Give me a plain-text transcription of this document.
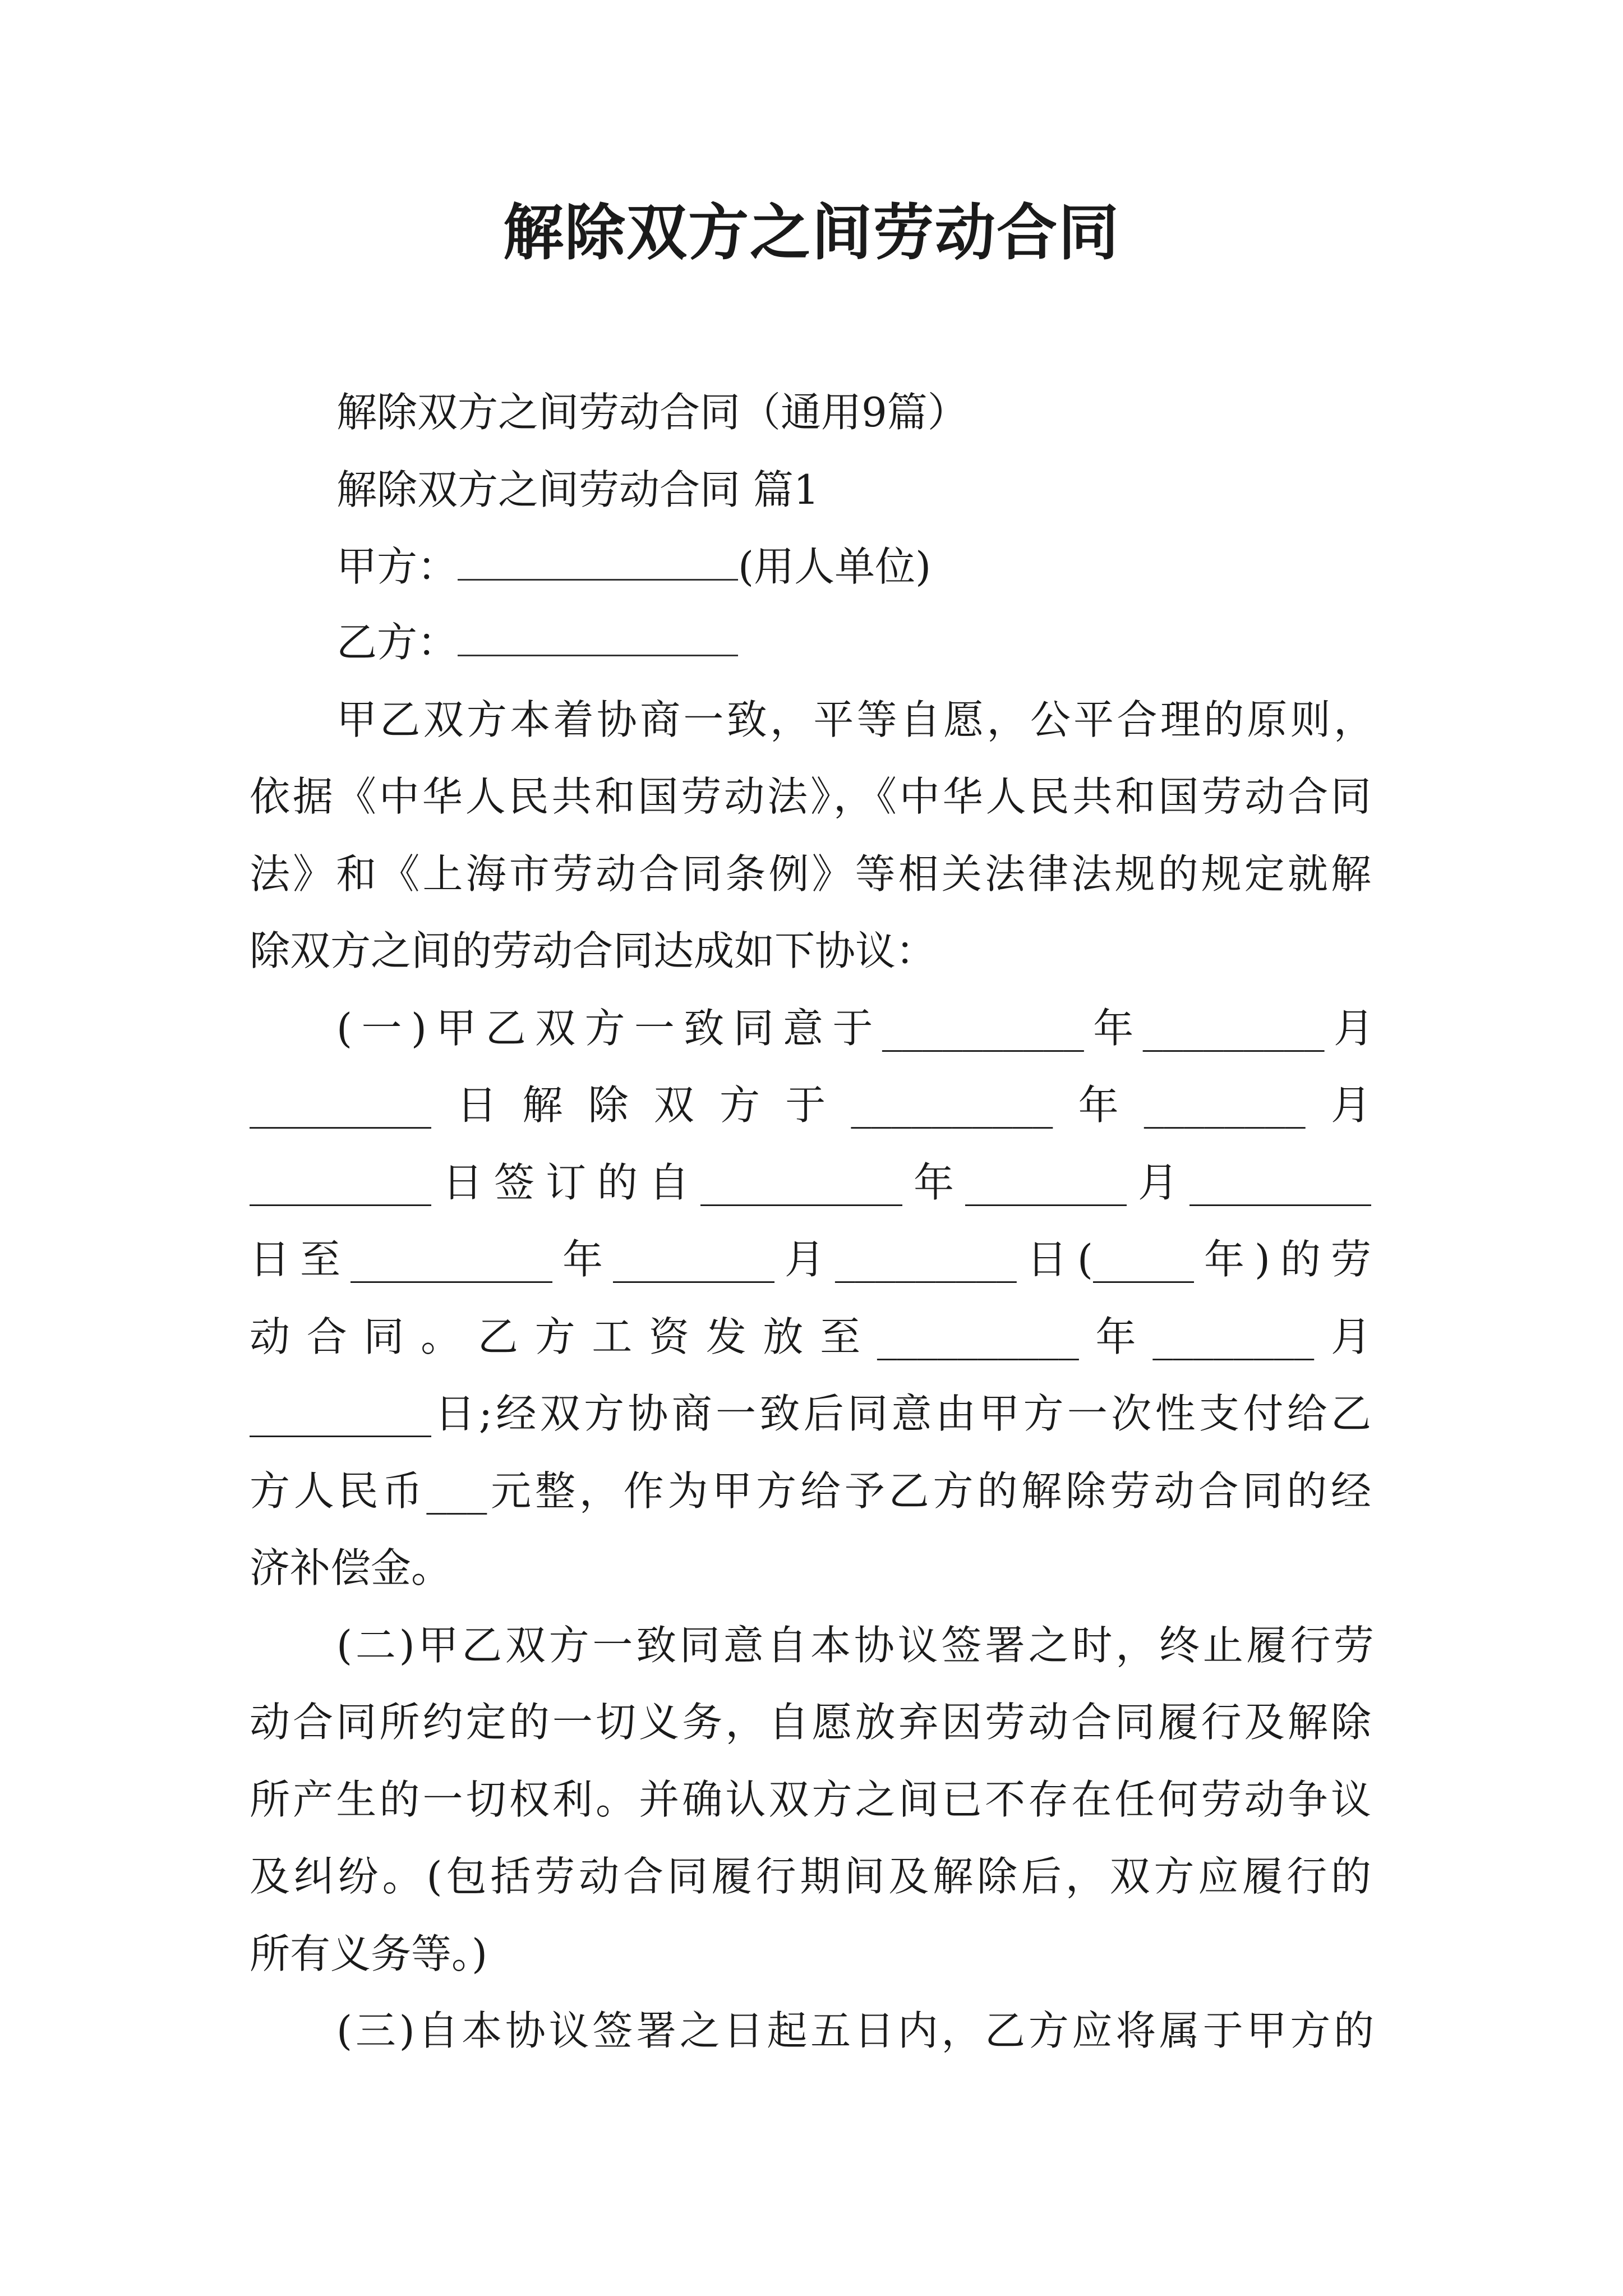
解除双方之间劳动合同
解除双方之间劳动合同（通用9篇）
解除双方之间劳动合同 篇1
甲方：	(用人单位)
乙方：
甲乙双方本着协商一致，平等自愿，公平合理的原则，
依据《中华人民共和国劳动法》，《中华人民共和国劳动合同
法》和《上海市劳动合同条例》等相关法律法规的规定就解
除双方之间的劳动合同达成如下协议：
(一)甲乙双方一致同意于__________年_________月
_________日解除双方于__________年________月
_________日签订的自__________年________月_________
日至__________年________月_________日(_____年)的劳
动合同。乙方工资发放至__________年________月
_________日;经双方协商一致后同意由甲方一次性支付给乙
方人民币___元整，作为甲方给予乙方的解除劳动合同的经
济补偿金。
(二)甲乙双方一致同意自本协议签署之时，终止履行劳
动合同所约定的一切义务，自愿放弃因劳动合同履行及解除
所产生的一切权利。并确认双方之间已不存在任何劳动争议
及纠纷。(包括劳动合同履行期间及解除后，双方应履行的
所有义务等。)
(三)自本协议签署之日起五日内，乙方应将属于甲方的
